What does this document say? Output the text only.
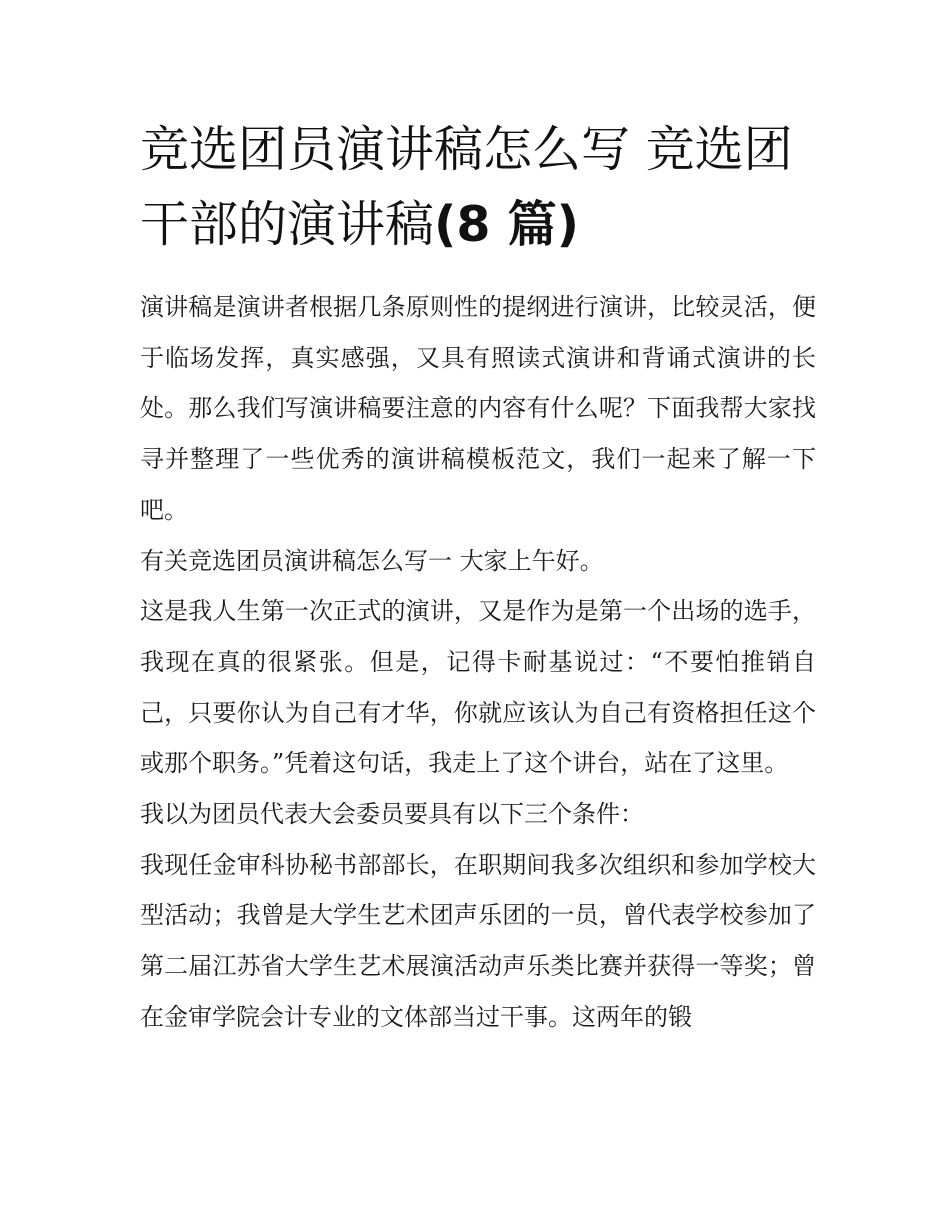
竞选团员演讲稿怎么写 竞选团干部的演讲稿(8 篇)

演讲稿是演讲者根据几条原则性的提纲进行演讲，比较灵活，便于临场发挥，真实感强，又具有照读式演讲和背诵式演讲的长处。那么我们写演讲稿要注意的内容有什么呢？下面我帮大家找寻并整理了一些优秀的演讲稿模板范文，我们一起来了解一下吧。

有关竞选团员演讲稿怎么写一 大家上午好。

这是我人生第一次正式的演讲，又是作为是第一个出场的选手，我现在真的很紧张。但是，记得卡耐基说过：“不要怕推销自己，只要你认为自己有才华，你就应该认为自己有资格担任这个或那个职务。”凭着这句话，我走上了这个讲台，站在了这里。

我以为团员代表大会委员要具有以下三个条件：

我现任金审科协秘书部部长，在职期间我多次组织和参加学校大型活动；我曾是大学生艺术团声乐团的一员，曾代表学校参加了第二届江苏省大学生艺术展演活动声乐类比赛并获得一等奖；曾在金审学院会计专业的文体部当过干事。这两年的锻
